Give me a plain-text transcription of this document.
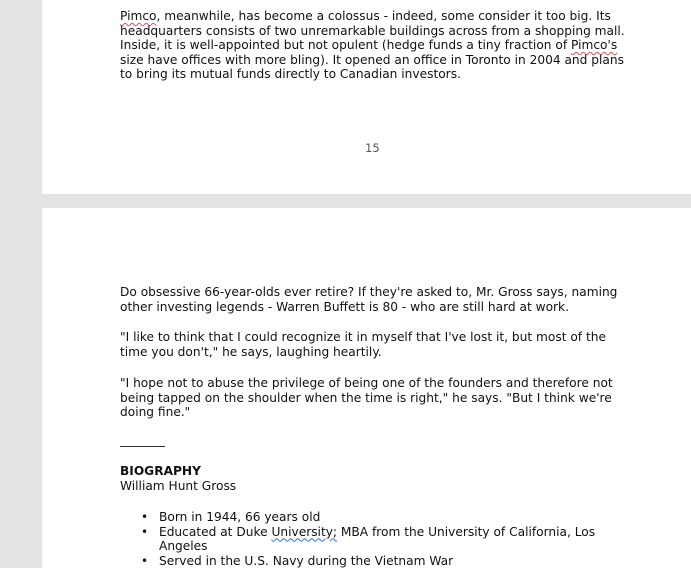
Pimco, meanwhile, has become a colossus - indeed, some consider it too big. Its headquarters consists of two unremarkable buildings across from a shopping mall. Inside, it is well-appointed but not opulent (hedge funds a tiny fraction of Pimco's size have offices with more bling). It opened an office in Toronto in 2004 and plans to bring its mutual funds directly to Canadian investors.

15

Do obsessive 66-year-olds ever retire? If they're asked to, Mr. Gross says, naming other investing legends - Warren Buffett is 80 - who are still hard at work.

"I like to think that I could recognize it in myself that I've lost it, but most of the time you don't," he says, laughing heartily.

"I hope not to abuse the privilege of being one of the founders and therefore not being tapped on the shoulder when the time is right," he says. "But I think we're doing fine."

BIOGRAPHY
William Hunt Gross
• Born in 1944, 66 years old
• Educated at Duke University; MBA from the University of California, Los Angeles
• Served in the U.S. Navy during the Vietnam War
